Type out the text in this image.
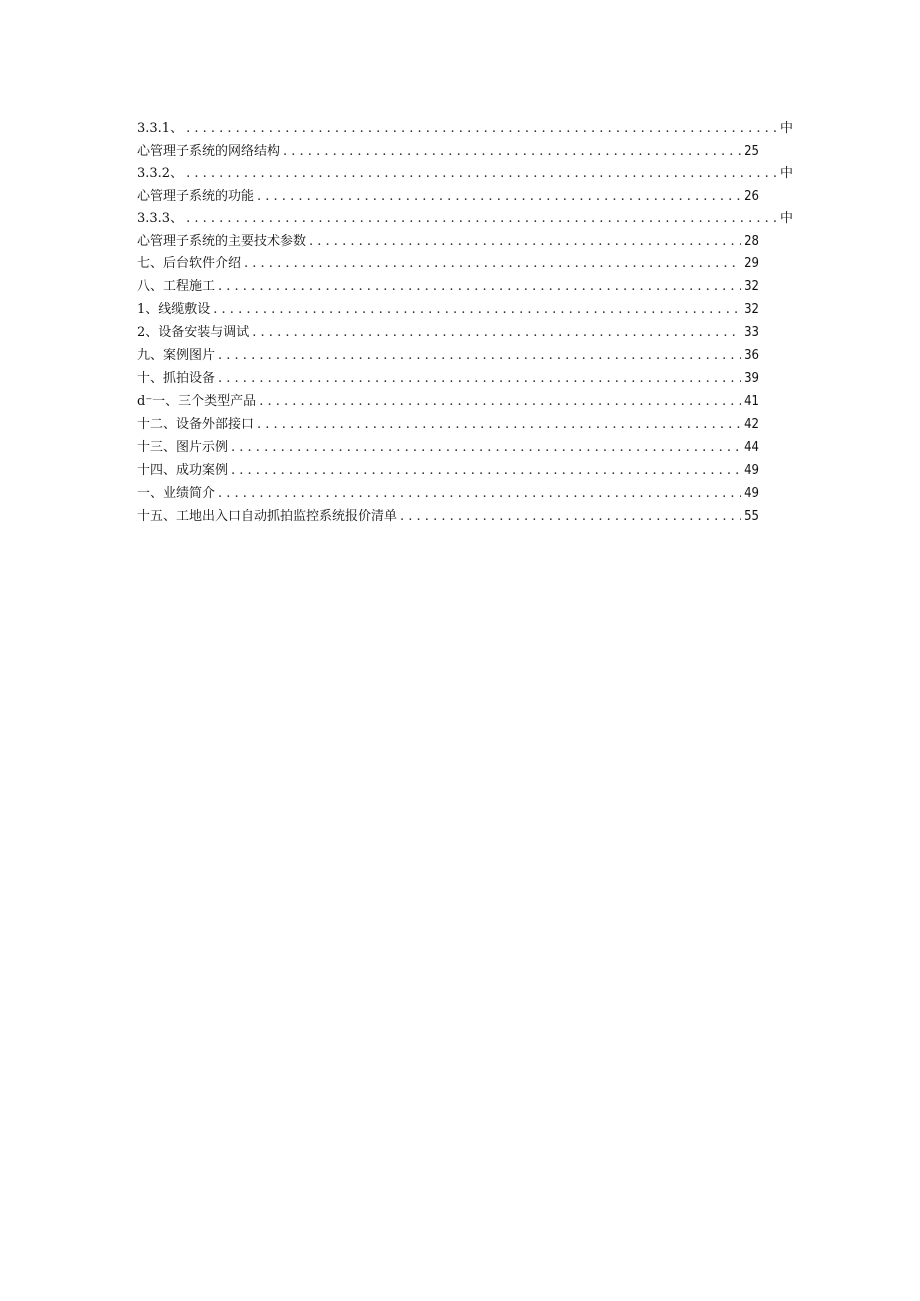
3.3.1、 . . .	中
心管理子系统的网络结构 . . .	25
3.3.2、 . . .	中
心管理子系统的功能 . . .	26
3.3.3、 . . .	中
心管理子系统的主要技术参数 . . .	28
七、后台软件介绍 . . .	29
八、工程施工 . . .	32
1、线缆敷设 . . .	32
2、设备安装与调试 . . .	33
九、案例图片 . . .	36
十、抓拍设备 . . .	39
d⁻一、三个类型产品 . . .	41
十二、设备外部接口 . . .	42
十三、图片示例 . . .	44
十四、成功案例 . . .	49
一、业绩简介 . . .	49
十五、工地出入口自动抓拍监控系统报价清单 . . .	55
